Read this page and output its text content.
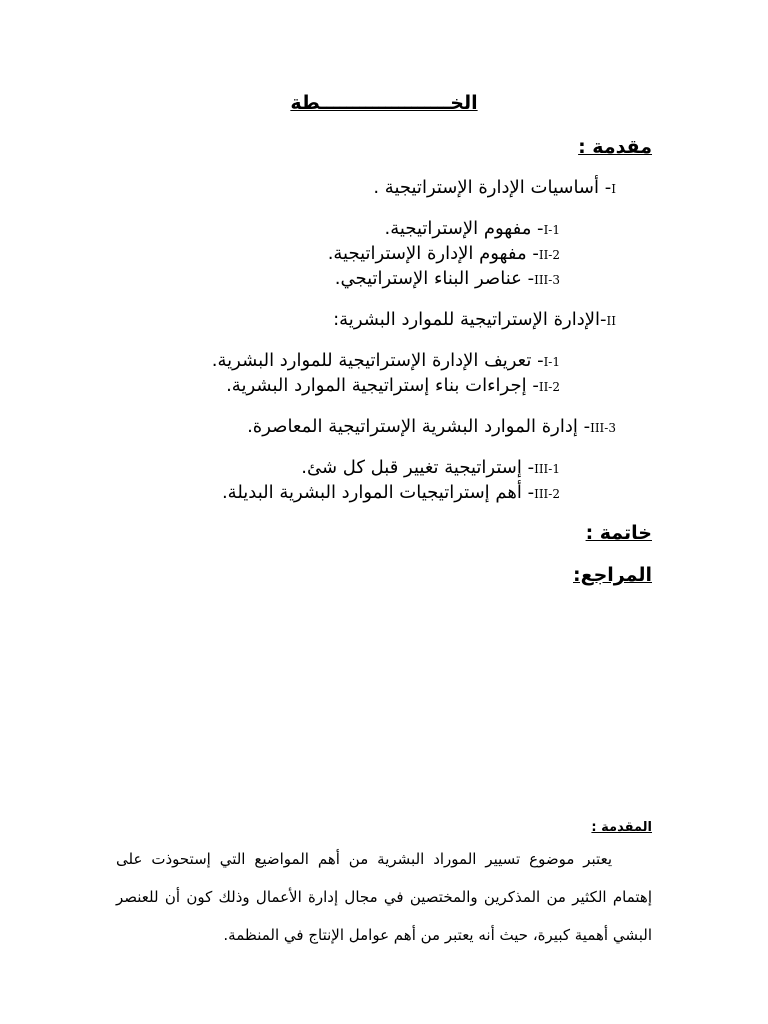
الخــــــــــــــــــــطة
مقدمة :
I- أساسيات الإدارة الإستراتيجية .
I-1- مفهوم الإستراتيجية.
II-2- مفهوم الإدارة الإستراتيجية.
III-3- عناصر البناء الإستراتيجي.
II-الإدارة الإستراتيجية للموارد البشرية:
I-1- تعريف الإدارة الإستراتيجية للموارد البشرية.
II-2- إجراءات بناء إستراتيجية الموارد البشرية.
III-3- إدارة الموارد البشرية الإستراتيجية المعاصرة.
III-1- إستراتيجية تغيير قبل كل شئ.
III-2- أهم إستراتيجيات الموارد البشرية البديلة.
خاتمة :
المراجع:
المقدمة :
يعتبر موضوع تسيير الموراد البشرية من أهم المواضيع التي إستحوذت على إهتمام الكثير من المذكرين والمختصين في مجال إدارة الأعمال وذلك كون أن للعنصر البشي أهمية كبيرة، حيث أنه يعتبر من أهم عوامل الإنتاج في المنظمة.
